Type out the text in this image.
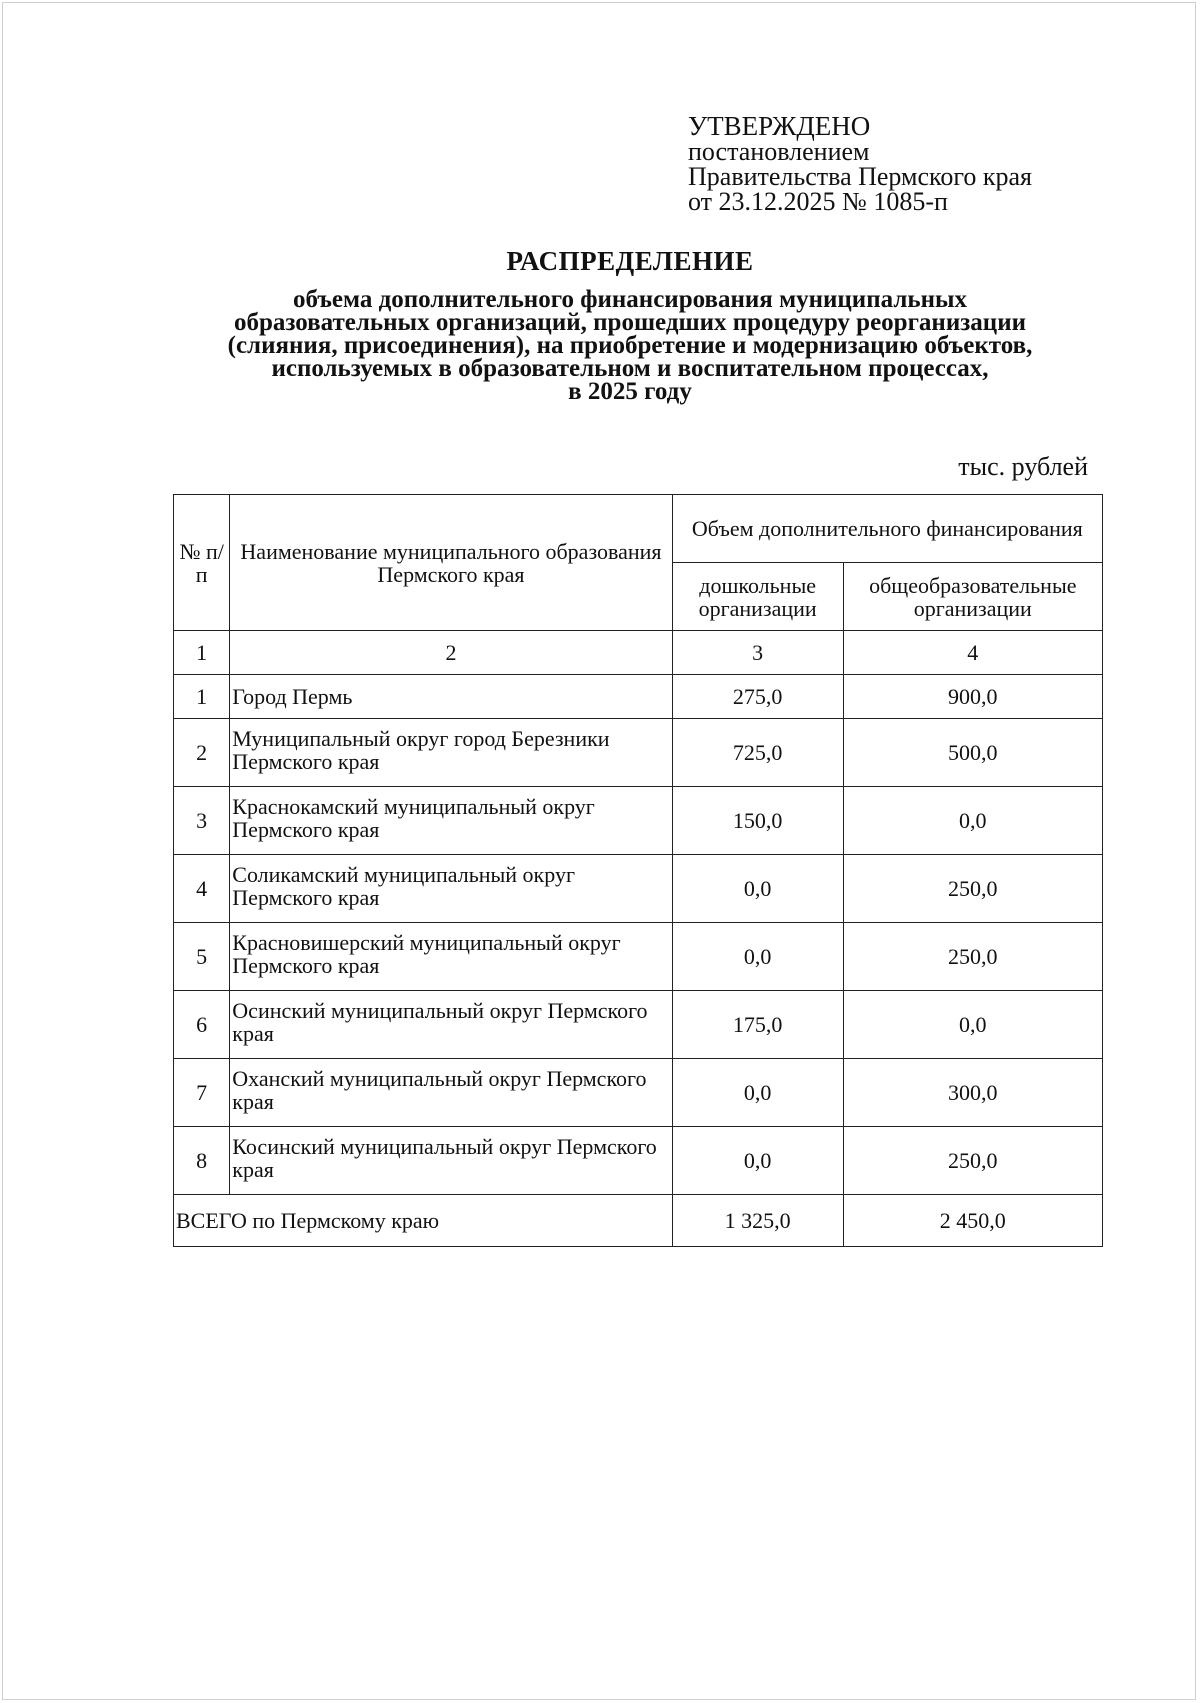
УТВЕРЖДЕНО
постановлением
Правительства Пермского края
от 23.12.2025 № 1085-п
РАСПРЕДЕЛЕНИЕ
объема дополнительного финансирования муниципальных
образовательных организаций, прошедших процедуру реорганизации
(слияния, присоединения), на приобретение и модернизацию объектов,
используемых в образовательном и воспитательном процессах,
в 2025 году
тыс. рублей
№ п/п	Наименование муниципального образования Пермского края	Объем дополнительного финансирования	
		дошкольные организации	общеобразовательные организации
1	2	3	4
1	Город Пермь	275,0	900,0
2	Муниципальный округ город Березники Пермского края	725,0	500,0
3	Краснокамский муниципальный округ Пермского края	150,0	0,0
4	Соликамский муниципальный округ Пермского края	0,0	250,0
5	Красновишерский муниципальный округ Пермского края	0,0	250,0
6	Осинский муниципальный округ Пермского края	175,0	0,0
7	Оханский муниципальный округ Пермского края	0,0	300,0
8	Косинский муниципальный округ Пермского края	0,0	250,0
ВСЕГО по Пермскому краю		1 325,0	2 450,0
